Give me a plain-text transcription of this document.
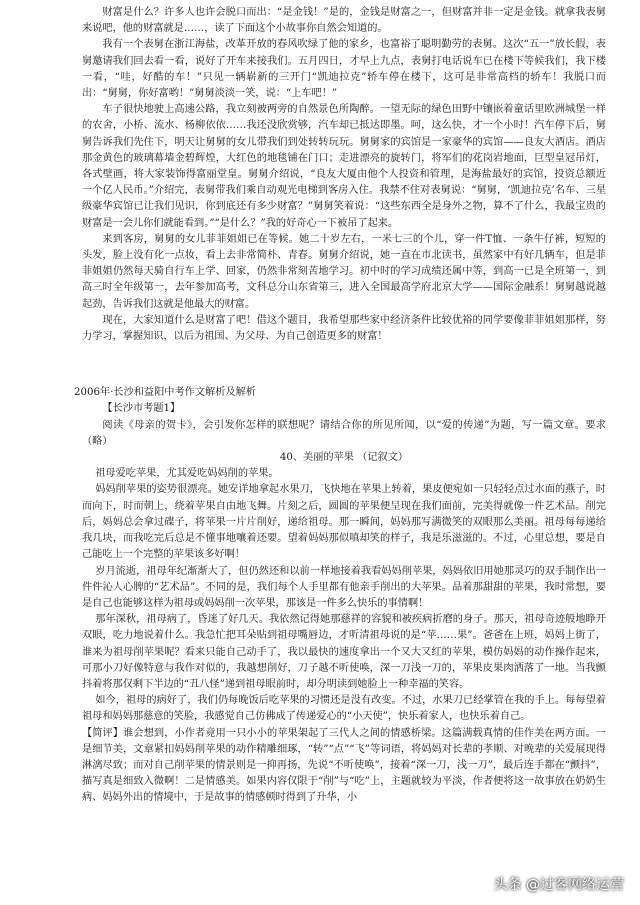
财富是什么？许多人也许会脱口而出：“是金钱！”是的，金钱是财富之一，但财富并非一定是金钱。就拿我表舅来说吧，他的财富就是……，读了下面这个小故事你自然会知道的。

我有一个表舅在浙江海盐，改革开放的春风吹绿了他的家乡，也富裕了聪明勤劳的表舅。这次“五一”放长假，表舅邀请我们回去看一看，说好了开车来接我们。五月四日，才早上九点，表舅打电话说车已在楼下等候我们，我下楼一看，“哇，好酷的车！”只见一辆崭新的三开门“凯迪拉克”轿车停在楼下，这可是非常高档的轿车！我脱口而出：“舅舅，你好富哟！”舅舅淡淡一笑，说：“上车吧！”

车子很快地驶上高速公路，我立刻被两旁的自然景色所陶醉。一望无际的绿色田野中镶嵌着童话里欧洲城堡一样的农舍，小桥、流水、杨柳依依……我还没欣赏够，汽车却已抵达即墨。呵，这么快，才一个小时！汽车停下后，舅舅告诉我们先住下，明天让舅舅的女儿带我们到处转转玩玩。舅舅家的宾馆是一家豪华的宾馆——良友大酒店。酒店那金黄色的玻璃幕墙金碧辉煌，大红色的地毯铺在门口；走进漂亮的旋转门，将军们的花岗岩地面，巨型皇冠吊灯，各式壁画，将大家装饰得富丽堂皇。舅舅介绍说，“良友大厦由他个人投资和管理，是海盐最好的宾馆，投资总额近一个亿人民币。”介绍完，表舅带我们乘自动观光电梯到客房入住。我禁不住对表舅说：“舅舅，‘凯迪拉克’名车、三星级豪华宾馆已让我们见识，你到底还有多少财富？”舅舅笑着说：“这些东西全是身外之物，算不了什么，我最宝贵的财富是一会儿你们就能看到。”“是什么？”我的好奇心一下被吊了起来。

来到客房，舅舅的女儿菲菲姐姐已在等候。她二十岁左右，一米七三的个儿，穿一件T恤、一条牛仔裤，短短的头发，脸上没有化一点妆，看上去非常简朴、青春。舅舅介绍说，她一直在市北读书，虽然家中有好几辆车，但是菲菲姐姐仍然每天骑自行车上学、回家，仍然非常刻苦地学习。初中时的学习成绩还属中等，到高一已是全班第一，到高三时全年级第一，去年参加高考，文科总分山东省第三，进入全国最高学府北京大学——国际金融系！舅舅越说越起劲，告诉我们这就是他最大的财富。

现在，大家知道什么是财富了吧！借这个题目，我希望那些家中经济条件比较优裕的同学要像菲菲姐姐那样，努力学习，掌握知识，以后为祖国、为父母、为自己创造更多的财富！

2006年·长沙和益阳中考作文解析及解析

【长沙市考题1】

阅读《母亲的贺卡》，会引发你怎样的联想呢？请结合你的所见所闻，以“爱的传递”为题，写一篇文章。要求（略）

40、美丽的苹果 （记叙文）

祖母爱吃苹果，尤其爱吃妈妈削的苹果。

妈妈削苹果的姿势很漂亮。她安详地拿起水果刀，飞快地在苹果上转着，果皮便宛如一只轻轻点过水面的燕子，时而向下，时而朝上，绕着苹果自由地飞舞。片刻之后，圆圆的苹果便呈现在我们面前，完美得就像一件艺术品。削完后，妈妈总会拿过碟子，将苹果一片片削好，递给祖母。那一瞬间，妈妈那写满微笑的双眼那么美丽。祖母每每递给我几块，而我吃完后总是不懂事地嚷着还要。望着妈妈那似嗔却笑的样子，我是乐滋滋的。不过，心里总想，要是自己能吃上一个完整的苹果该多好啊！

岁月流逝，祖母年纪渐渐大了，但仍然还和以前一样地接着我看妈妈削苹果，妈妈依旧用她那灵巧的双手制作出一件件沁人心脾的“艺术品”。不同的是，我们每个人手里都有他亲手削出的大苹果。品着那甜甜的苹果，我时常想，要是自己也能够这样为祖母或妈妈削一次苹果，那该是一件多么快乐的事情啊！

那年深秋，祖母病了，昏迷了好几天。我依然记得她那慈祥的容貌和被疾病折磨的身子。那天，祖母奇迹般地睁开双眼，吃力地说着什么。我急忙把耳朵贴到祖母嘴唇边，才听清祖母说的是“苹……果”。爸爸在上班，妈妈上街了，谁来为祖母削苹果呢？看来只能自己动手了，我以最快的速度拿出一个又大又红的苹果，模仿妈妈的动作操作起来，可那小刀好像特意与我作对似的，我越想削好，刀子越不听使唤，深一刀浅一刀的，苹果皮果肉洒落了一地。当我颤抖着将那仅剩下半边的“丑八怪”递到祖母眼前时，却分明读到她脸上一种幸福的笑容。

如今，祖母的病好了，我们仍每晚饭后吃苹果的习惯还是没有改变。不过，水果刀已经掌管在我的手上。每每望着祖母和妈妈那慈意的笑脸，我感觉自己仿佛成了传递爱心的“小天使”，快乐着家人，也快乐着自己。

【简评】谁会想到，小作者竟用一只小小的苹果架起了三代人之间的情感桥梁。这篇满载真情的佳作美在两方面。一是细节美，文章紧扣妈妈削苹果的动作精雕细琢，“转”“点”“飞”等词语，将妈妈对长辈的孝顺、对晚辈的关爱展现得淋漓尽致；而对自己削苹果的情景则是一抑再扬，先说“不听使唤”，接着“深一刀，浅一刀”，最后连手都在“颤抖”，描写真是细致入微啊！二是情感美。如果内容仅限于“削”与“吃”上，主题就较为平淡，作者便将这一故事放在奶奶生病、妈妈外出的情境中，于是故事的情感顿时得到了升华，小

头条 @过客网络运营
